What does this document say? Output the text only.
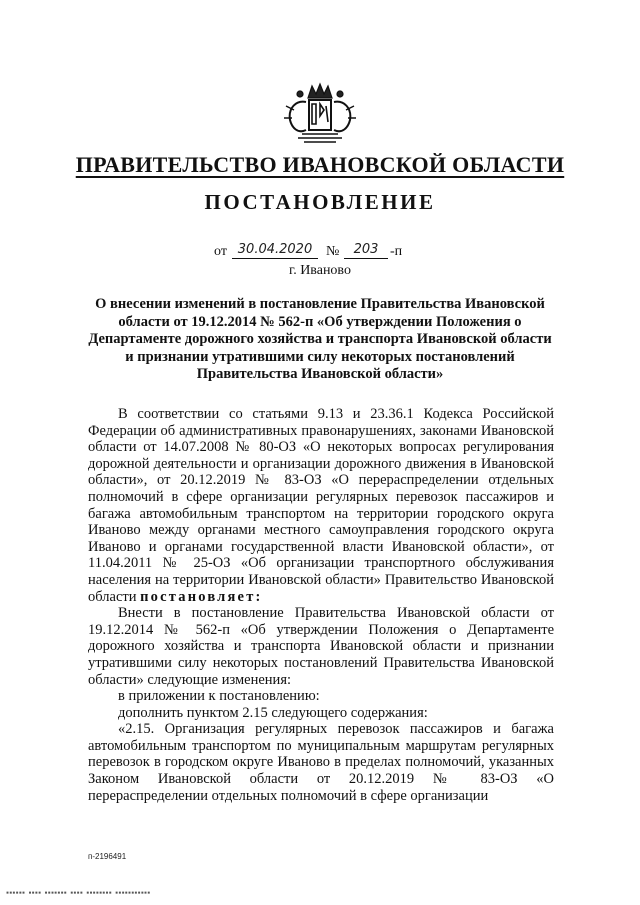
ПРАВИТЕЛЬСТВО ИВАНОВСКОЙ ОБЛАСТИ
ПОСТАНОВЛЕНИЕ
от 30.04.2020 №	203 -п
г. Иваново
О внесении изменений в постановление Правительства Ивановской области от 19.12.2014 № 562-п «Об утверждении Положения о Департаменте дорожного хозяйства и транспорта Ивановской области и признании утратившими силу некоторых постановлений Правительства Ивановской области»

В соответствии со статьями 9.13 и 23.36.1 Кодекса Российской Федерации об административных правонарушениях, законами Ивановской области от 14.07.2008 № 80-ОЗ «О некоторых вопросах регулирования дорожной деятельности и организации дорожного движения в Ивановской области», от 20.12.2019 № 83-ОЗ «О перераспределении отдельных полномочий в сфере организации регулярных перевозок пассажиров и багажа автомобильным транспортом на территории городского округа Иваново между органами местного самоуправления городского округа Иваново и органами государственной власти Ивановской области», от 11.04.2011 № 25-ОЗ «Об организации транспортного обслуживания населения на территории Ивановской области» Правительство Ивановской области постановляет:

Внести в постановление Правительства Ивановской области от 19.12.2014 № 562-п «Об утверждении Положения о Департаменте дорожного хозяйства и транспорта Ивановской области и признании утратившими силу некоторых постановлений Правительства Ивановской области» следующие изменения:

в приложении к постановлению:

дополнить пунктом 2.15 следующего содержания:

«2.15. Организация регулярных перевозок пассажиров и багажа автомобильным транспортом по муниципальным маршрутам регулярных перевозок в городском округе Иваново в пределах полномочий, указанных Законом Ивановской области от 20.12.2019 № 83-ОЗ «О перераспределении отдельных полномочий в сфере организации

п-2196491
▪▪▪▪▪▪ ▪▪▪▪ ▪▪▪▪▪▪▪ ▪▪▪▪ ▪▪▪▪▪▪▪▪ ▪▪▪▪▪▪▪▪▪▪▪
